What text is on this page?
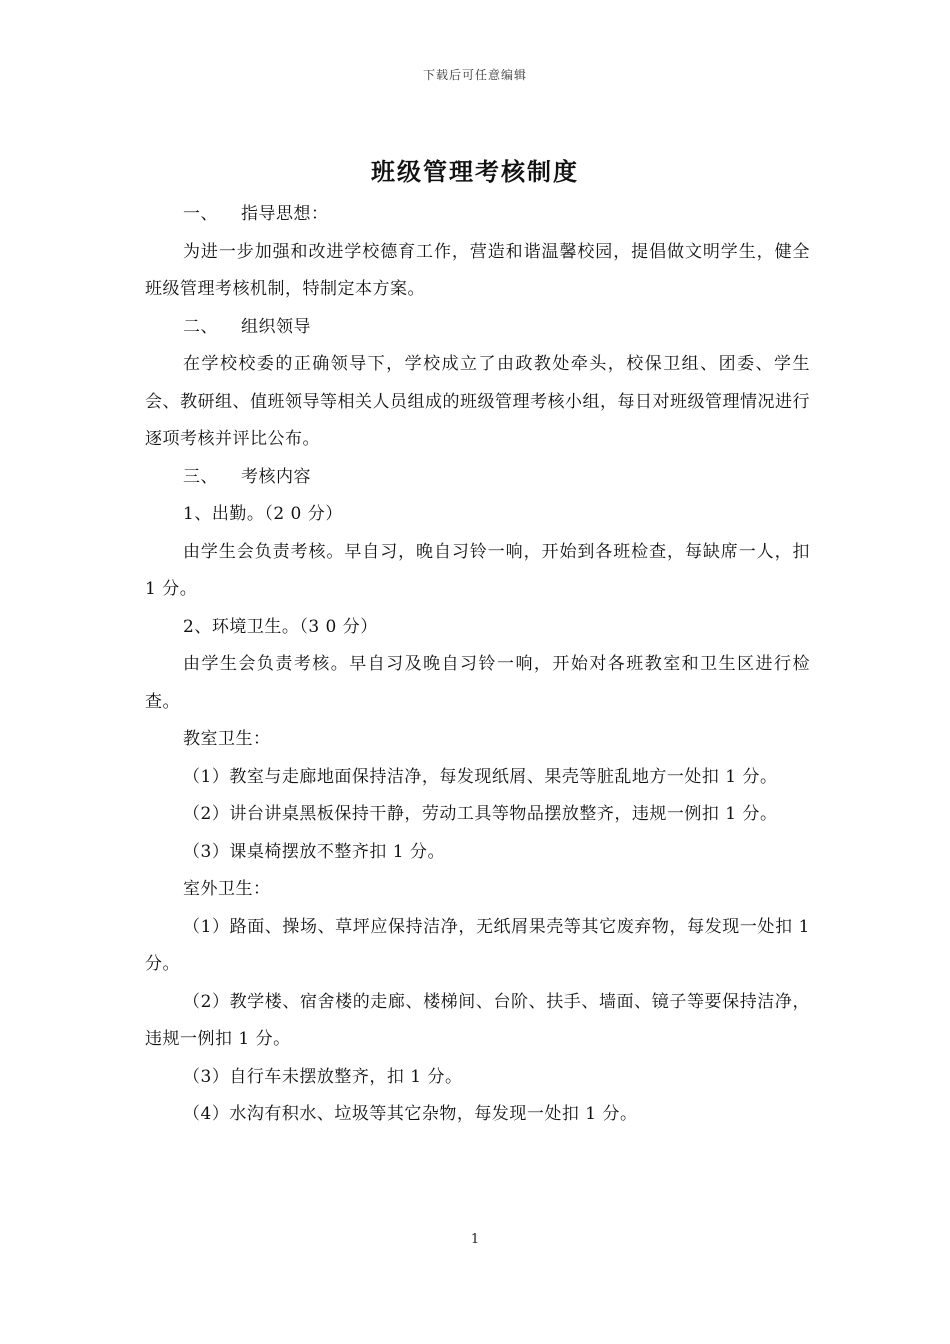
下载后可任意编辑
班级管理考核制度
一、 指导思想：

为进一步加强和改进学校德育工作，营造和谐温馨校园，提倡做文明学生，健全班级管理考核机制，特制定本方案。

二、 组织领导

在学校校委的正确领导下，学校成立了由政教处牵头，校保卫组、团委、学生会、教研组、值班领导等相关人员组成的班级管理考核小组，每日对班级管理情况进行逐项考核并评比公布。

三、 考核内容

1、出勤。（2 0 分）

由学生会负责考核。早自习，晚自习铃一响，开始到各班检查，每缺席一人，扣 1 分。

2、环境卫生。（3 0 分）

由学生会负责考核。早自习及晚自习铃一响，开始对各班教室和卫生区进行检查。

教室卫生：

（1）教室与走廊地面保持洁净，每发现纸屑、果壳等脏乱地方一处扣 1 分。

（2）讲台讲桌黑板保持干静，劳动工具等物品摆放整齐，违规一例扣 1 分。

（3）课桌椅摆放不整齐扣 1 分。

室外卫生：

（1）路面、操场、草坪应保持洁净，无纸屑果壳等其它废弃物，每发现一处扣 1 分。

（2）教学楼、宿舍楼的走廊、楼梯间、台阶、扶手、墙面、镜子等要保持洁净，违规一例扣 1 分。

（3）自行车未摆放整齐，扣 1 分。

（4）水沟有积水、垃圾等其它杂物，每发现一处扣 1 分。

1
